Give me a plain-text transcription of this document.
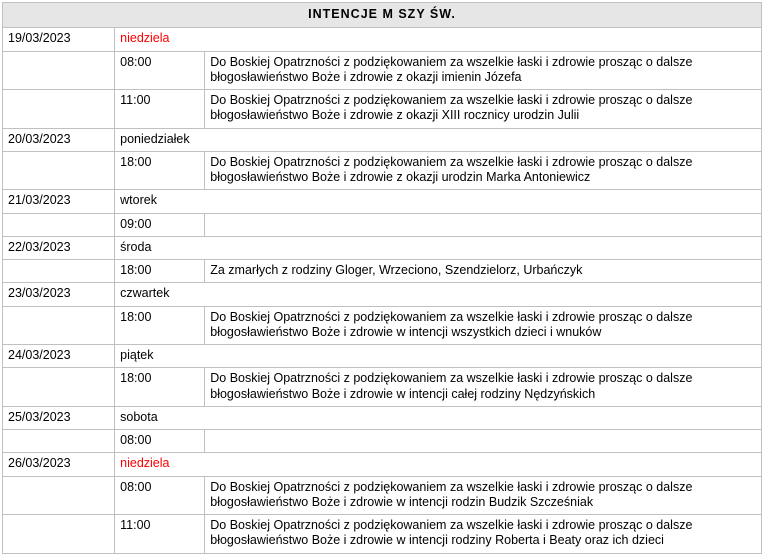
INTENCJE M SZY ŚW.		
19/03/2023	niedziela	
	08:00	Do Boskiej Opatrzności z podziękowaniem za wszelkie łaski i zdrowie prosząc o dalsze błogosławieństwo Boże i zdrowie z okazji imienin Józefa
	11:00	Do Boskiej Opatrzności z podziękowaniem za wszelkie łaski i zdrowie prosząc o dalsze błogosławieństwo Boże i zdrowie z okazji XIII rocznicy urodzin Julii
20/03/2023	poniedziałek	
	18:00	Do Boskiej Opatrzności z podziękowaniem za wszelkie łaski i zdrowie prosząc o dalsze błogosławieństwo Boże i zdrowie z okazji urodzin Marka Antoniewicz
21/03/2023	wtorek	
	09:00	
22/03/2023	środa	
	18:00	Za zmarłych z rodziny Gloger, Wrzeciono, Szendzielorz, Urbańczyk
23/03/2023	czwartek	
	18:00	Do Boskiej Opatrzności z podziękowaniem za wszelkie łaski i zdrowie prosząc o dalsze błogosławieństwo Boże i zdrowie w intencji wszystkich dzieci i wnuków
24/03/2023	piątek	
	18:00	Do Boskiej Opatrzności z podziękowaniem za wszelkie łaski i zdrowie prosząc o dalsze błogosławieństwo Boże i zdrowie w intencji całej rodziny Nędzyńskich
25/03/2023	sobota	
	08:00	
26/03/2023	niedziela	
	08:00	Do Boskiej Opatrzności z podziękowaniem za wszelkie łaski i zdrowie prosząc o dalsze błogosławieństwo Boże i zdrowie w intencji rodzin Budzik Szcześniak
	11:00	Do Boskiej Opatrzności z podziękowaniem za wszelkie łaski i zdrowie prosząc o dalsze błogosławieństwo Boże i zdrowie w intencji rodziny Roberta i Beaty oraz ich dzieci
